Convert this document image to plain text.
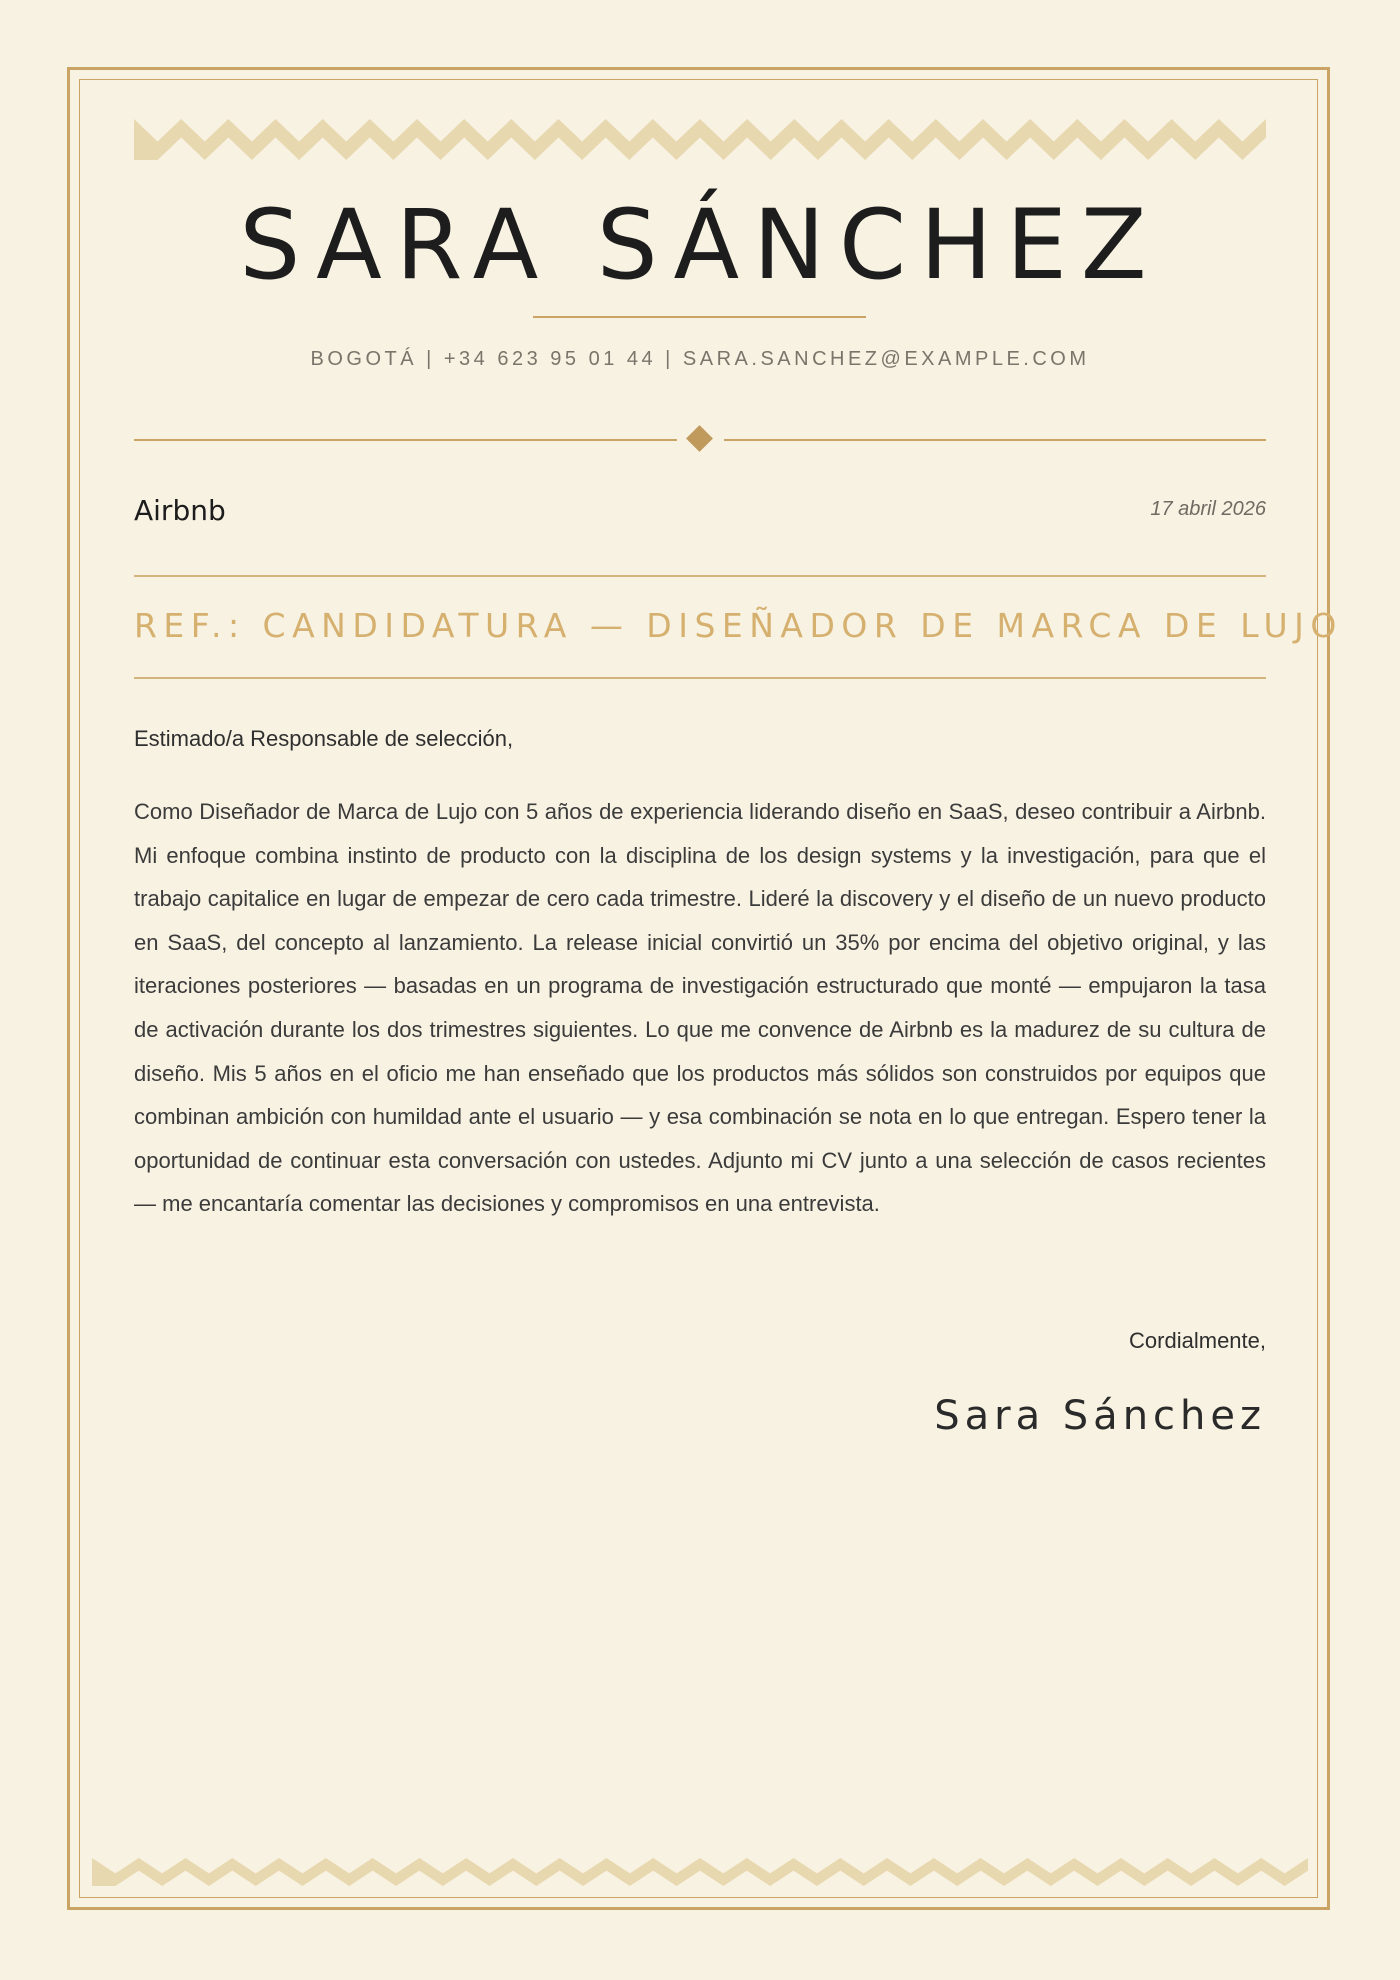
SARA SÁNCHEZ
BOGOTÁ | +34 623 95 01 44 | SARA.SANCHEZ@EXAMPLE.COM
Airbnb	17 abril 2026
REF.: CANDIDATURA — DISEÑADOR DE MARCA DE LUJO
Estimado/a Responsable de selección,

Como Diseñador de Marca de Lujo con 5 años de experiencia liderando diseño en SaaS, deseo contribuir a Airbnb. Mi enfoque combina instinto de producto con la disciplina de los design systems y la investigación, para que el trabajo capitalice en lugar de empezar de cero cada trimestre. Lideré la discovery y el diseño de un nuevo producto en SaaS, del concepto al lanzamiento. La release inicial convirtió un 35% por encima del objetivo original, y las iteraciones posteriores — basadas en un programa de investigación estructurado que monté — empujaron la tasa de activación durante los dos trimestres siguientes. Lo que me convence de Airbnb es la madurez de su cultura de diseño. Mis 5 años en el oficio me han enseñado que los productos más sólidos son construidos por equipos que combinan ambición con humildad ante el usuario — y esa combinación se nota en lo que entregan. Espero tener la oportunidad de continuar esta conversación con ustedes. Adjunto mi CV junto a una selección de casos recientes — me encantaría comentar las decisiones y compromisos en una entrevista.

Cordialmente,
Sara Sánchez
